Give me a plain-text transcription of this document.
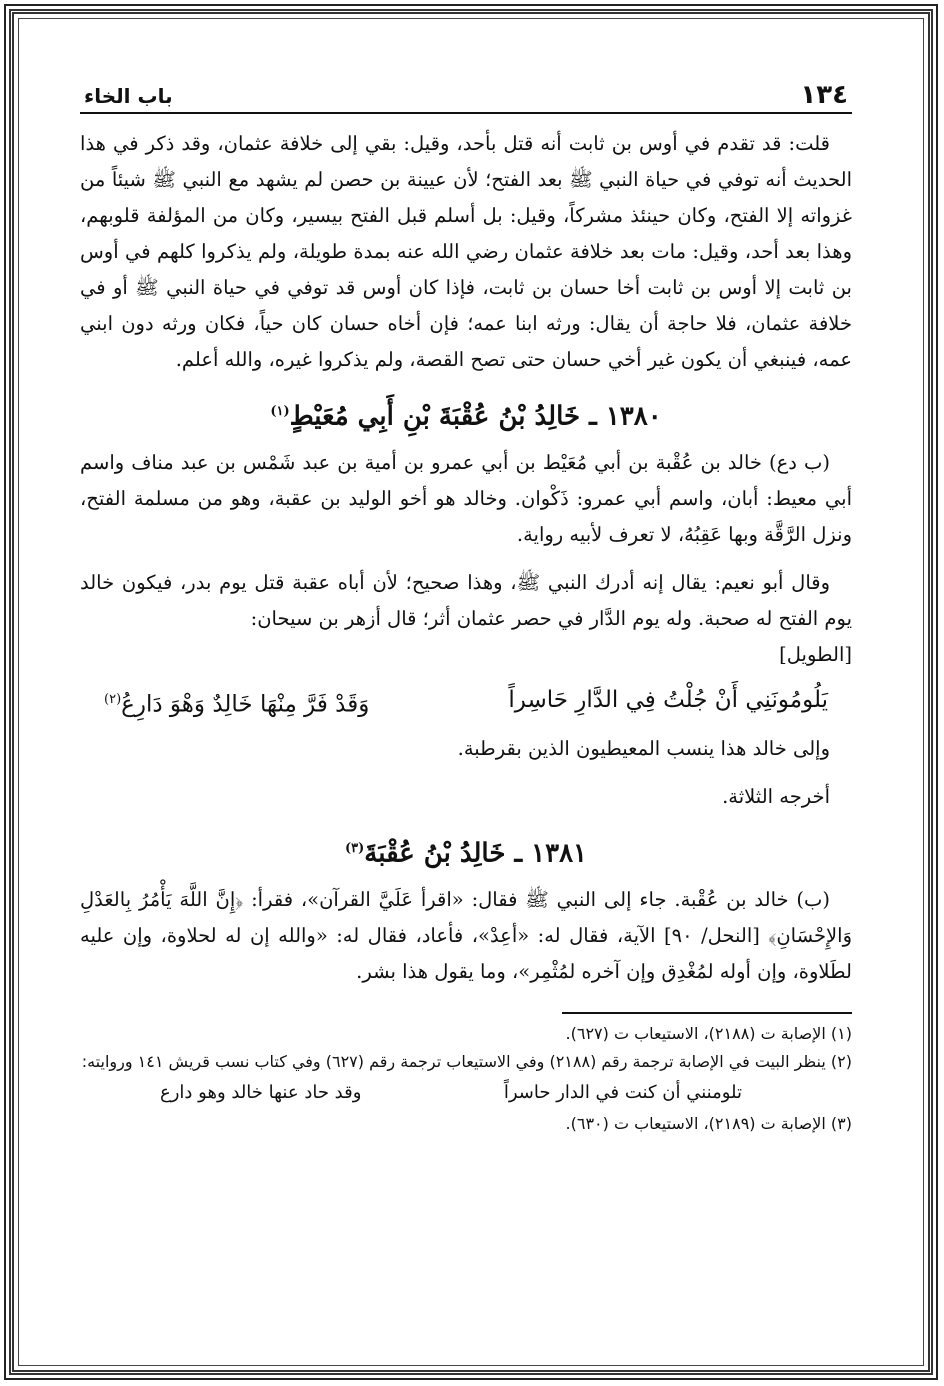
١٣٤
باب الخاء

قلت: قد تقدم في أوس بن ثابت أنه قتل بأحد، وقيل: بقي إلى خلافة عثمان، وقد ذكر في هذا الحديث أنه توفي في حياة النبي ﷺ بعد الفتح؛ لأن عيينة بن حصن لم يشهد مع النبي ﷺ شيئاً من غزواته إلا الفتح، وكان حينئذ مشركاً، وقيل: بل أسلم قبل الفتح بيسير، وكان من المؤلفة قلوبهم، وهذا بعد أحد، وقيل: مات بعد خلافة عثمان رضي الله عنه بمدة طويلة، ولم يذكروا كلهم في أوس بن ثابت إلا أوس بن ثابت أخا حسان بن ثابت، فإذا كان أوس قد توفي في حياة النبي ﷺ أو في خلافة عثمان، فلا حاجة أن يقال: ورثه ابنا عمه؛ فإن أخاه حسان كان حياً، فكان ورثه دون ابني عمه، فينبغي أن يكون غير أخي حسان حتى تصح القصة، ولم يذكروا غيره، والله أعلم.

١٣٨٠ ـ خَالِدُ بْنُ عُقْبَةَ بْنِ أَبِي مُعَيْطٍ$^{(١)}$

(ب دع) خالد بن عُقْبة بن أبي مُعَيْط بن أبي عمرو بن أمية بن عبد شَمْس بن عبد مناف واسم أبي معيط: أبان، واسم أبي عمرو: ذَكْوان. وخالد هو أخو الوليد بن عقبة، وهو من مسلمة الفتح، ونزل الرَّقَّة وبها عَقِبُهُ، لا تعرف لأبيه رواية.

وقال أبو نعيم: يقال إنه أدرك النبي ﷺ، وهذا صحيح؛ لأن أباه عقبة قتل يوم بدر، فيكون خالد يوم الفتح له صحبة. وله يوم الدَّار في حصر عثمان أثر؛ قال أزهر بن سيحان:

[الطويل]

يَلُومُونَنِي أَنْ جُلْتُ فِي الدَّارِ حَاسِراً
وَقَدْ فَرَّ مِنْهَا خَالِدٌ وَهْوَ دَارِعُ$^{(٢)}$

وإلى خالد هذا ينسب المعيطيون الذين بقرطبة.

أخرجه الثلاثة.

١٣٨١ ـ خَالِدُ بْنُ عُقْبَةَ$^{(٣)}$

(ب) خالد بن عُقْبة. جاء إلى النبي ﷺ فقال: «اقرأ عَلَيَّ القرآن»، فقرأ: ﴿إِنَّ اللَّهَ يَأْمُرُ بِالعَدْلِ وَالإِحْسَانِ﴾ [النحل/ ٩٠] الآية، فقال له: «أعِدْ»، فأعاد، فقال له: «والله إن له لحلاوة، وإن عليه لطَلاوة، وإن أوله لمُغْدِق وإن آخره لمُثْمِر»، وما يقول هذا بشر.

(١) الإصابة ت (٢١٨٨)، الاستيعاب ت (٦٢٧).
(٢) ينظر البيت في الإصابة ترجمة رقم (٢١٨٨) وفي الاستيعاب ترجمة رقم (٦٢٧) وفي كتاب نسب قريش ١٤١ وروايته:
تلومنني أن كنت في الدار حاسراً
وقد حاد عنها خالد وهو دارع
(٣) الإصابة ت (٢١٨٩)، الاستيعاب ت (٦٣٠).
